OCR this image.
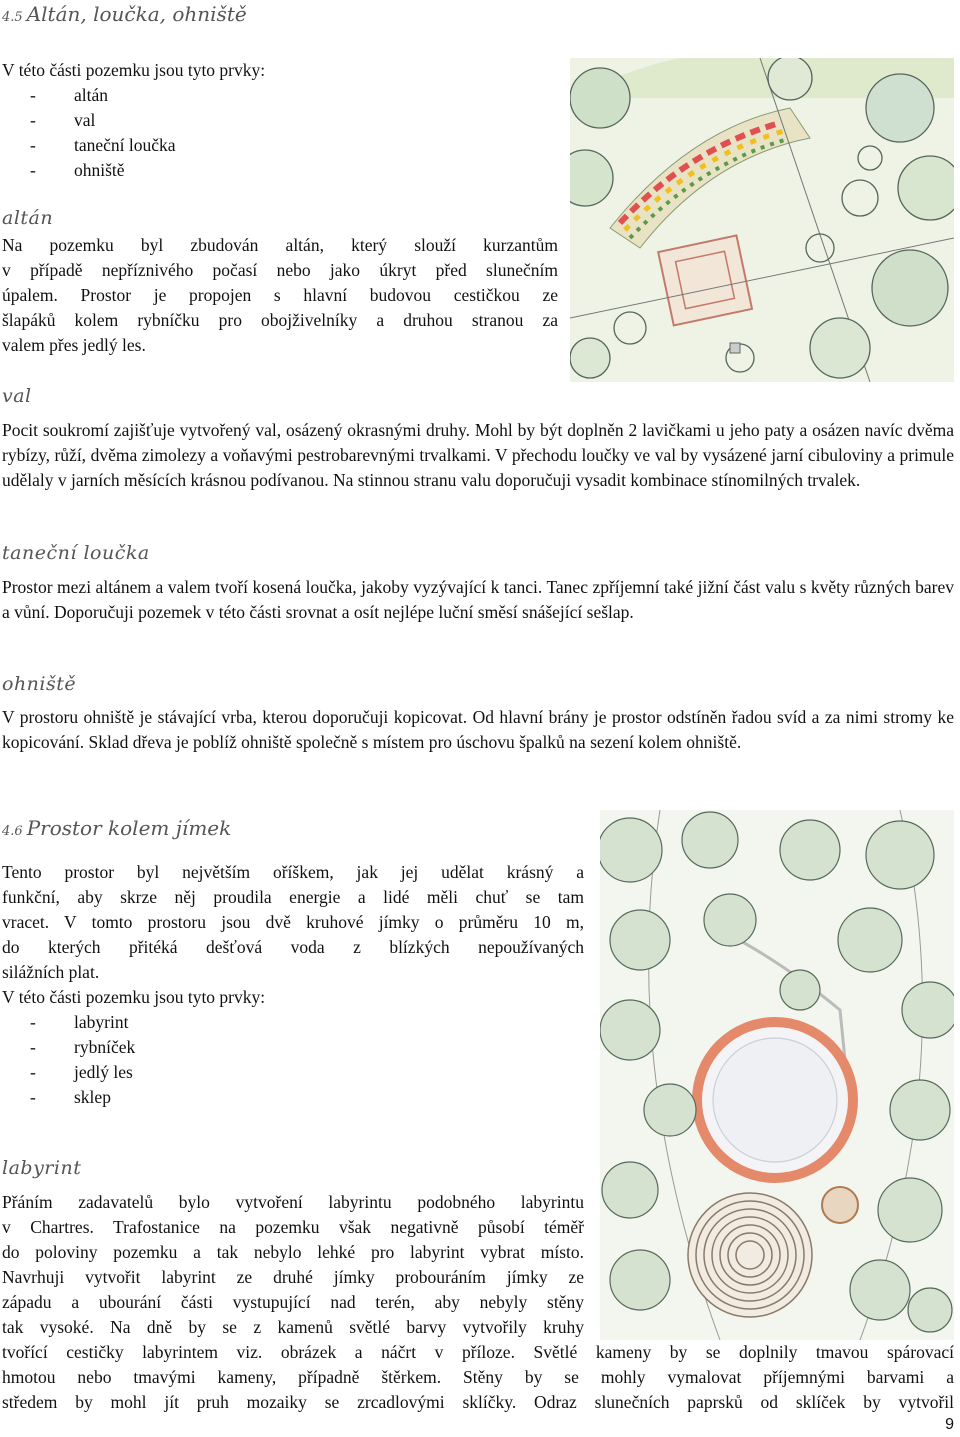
4.5 Altán, loučka, ohniště
V této části pozemku jsou tyto prvky:
- altán
- val
- taneční loučka
- ohniště
altán
Na pozemku byl zbudován altán, který slouží kurzantům
v případě nepříznivého počasí nebo jako úkryt před slunečním
úpalem. Prostor je propojen s hlavní budovou cestičkou ze
šlapáků kolem rybníčku pro obojživelníky a druhou stranou za
valem přes jedlý les.
val

Pocit soukromí zajišťuje vytvořený val, osázený okrasnými druhy. Mohl by být doplněn 2 lavičkami u jeho paty a osázen navíc dvěma rybízy, růží, dvěma zimolezy a voňavými pestrobarevnými trvalkami. V přechodu loučky ve val by vysázené jarní cibuloviny a primule udělaly v jarních měsících krásnou podívanou. Na stinnou stranu valu doporučuji vysadit kombinace stínomilných trvalek.

taneční loučka

Prostor mezi altánem a valem tvoří kosená loučka, jakoby vyzývající k tanci. Tanec zpříjemní také jižní část valu s květy různých barev a vůní. Doporučuji pozemek v této části srovnat a osít nejlépe luční směsí snášející sešlap.

ohniště

V prostoru ohniště je stávající vrba, kterou doporučuji kopicovat. Od hlavní brány je prostor odstíněn řadou svíd a za nimi stromy ke kopicování. Sklad dřeva je poblíž ohniště společně s místem pro úschovu špalků na sezení kolem ohniště.

4.6 Prostor kolem jímek
Tento prostor byl největším oříškem, jak jej udělat krásný a
funkční, aby skrze něj proudila energie a lidé měli chuť se tam
vracet. V tomto prostoru jsou dvě kruhové jímky o průměru 10 m,
do kterých přitéká dešťová voda z blízkých nepoužívaných
silážních plat.
V této části pozemku jsou tyto prvky:
- labyrint
- rybníček
- jedlý les
- sklep
labyrint
Přáním zadavatelů bylo vytvoření labyrintu podobného labyrintu
v Chartres. Trafostanice na pozemku však negativně působí téměř
do poloviny pozemku a tak nebylo lehké pro labyrint vybrat místo.
Navrhuji vytvořit labyrint ze druhé jímky probouráním jímky ze
západu a ubourání části vystupující nad terén, aby nebyly stěny
tak vysoké. Na dně by se z kamenů světlé barvy vytvořily kruhy
tvořící cestičky labyrintem viz. obrázek a náčrt v příloze. Světlé kameny by se doplnily tmavou spárovací
hmotou nebo tmavými kameny, případně štěrkem. Stěny by se mohly vymalovat příjemnými barvami a
středem by mohl jít pruh mozaiky se zrcadlovými sklíčky. Odraz slunečních paprsků od sklíček by vytvořil
9
